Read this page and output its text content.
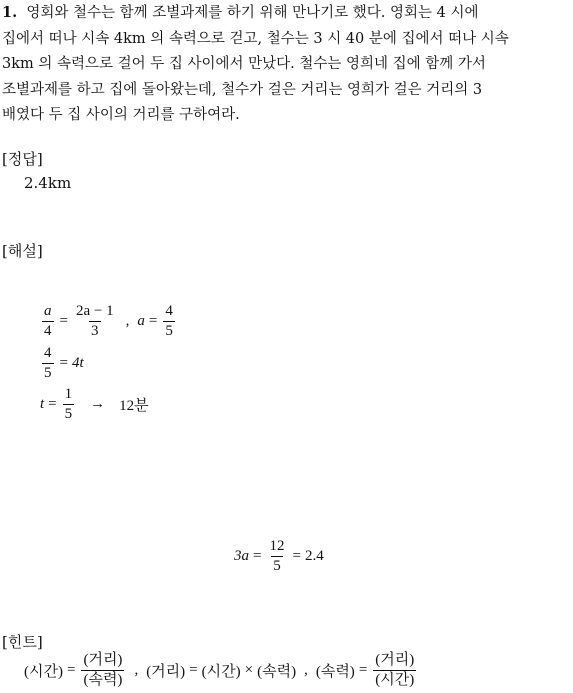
1. 영회와 철수는 함께 조별과제를 하기 위해 만나기로 했다. 영회는 4 시에
집에서 떠나 시속 4km 의 속력으로 걷고, 철수는 3 시 40 분에 집에서 떠나 시속
3km 의 속력으로 걸어 두 집 사이에서 만났다. 철수는 영희네 집에 함께 가서
조별과제를 하고 집에 돌아왔는데, 철수가 걸은 거리는 영희가 걸은 거리의 3
배였다 두 집 사이의 거리를 구하여라.
[정답]
2.4km
[해설]
$\frac{a}{4} = \frac{2a - 1}{3}$ , $a = \frac{4}{5}$
$\frac{4}{5} = 4t$
$t = \frac{1}{5} \to 12$분
$3a = \frac{12}{5} = 2.4$
[힌트]
(시간) = $\frac{\text{(거리)}}{\text{(속력)}}$ , (거리) = (시간) × (속력) , (속력) = $\frac{\text{(거리)}}{\text{(시간)}}$
